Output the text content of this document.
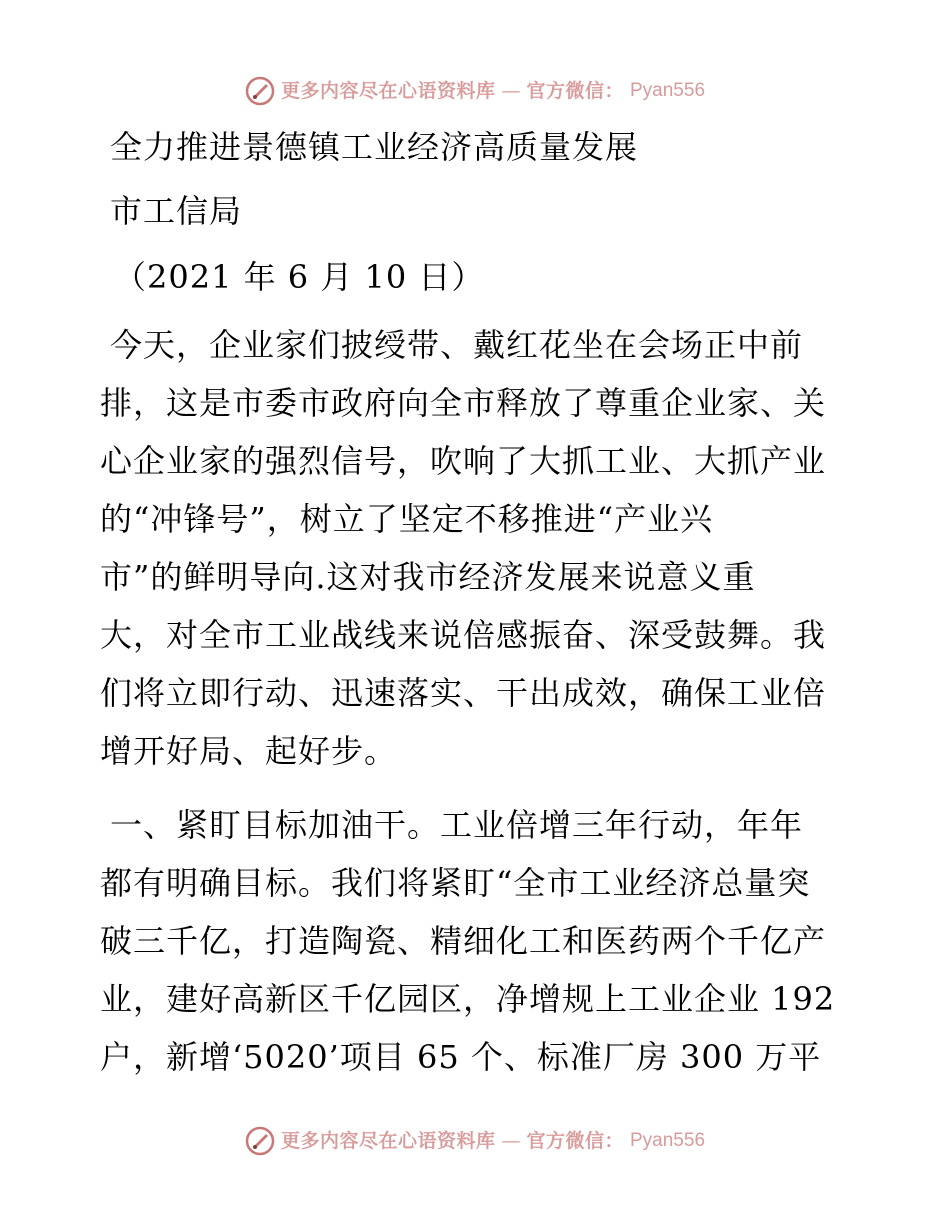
更多内容尽在心语资料库 — 官方微信： Pyan556
全力推进景德镇工业经济高质量发展
市工信局
（2021 年 6 月 10 日）
今天，企业家们披绶带、戴红花坐在会场正中前
排，这是市委市政府向全市释放了尊重企业家、关
心企业家的强烈信号，吹响了大抓工业、大抓产业
的“冲锋号”，树立了坚定不移推进“产业兴
市”的鲜明导向.这对我市经济发展来说意义重
大，对全市工业战线来说倍感振奋、深受鼓舞。我
们将立即行动、迅速落实、干出成效，确保工业倍
增开好局、起好步。
一、紧盯目标加油干。工业倍增三年行动，年年
都有明确目标。我们将紧盯“全市工业经济总量突
破三千亿，打造陶瓷、精细化工和医药两个千亿产
业，建好高新区千亿园区，净增规上工业企业 192
户，新增‘5020’项目 65 个、标准厂房 300 万平
更多内容尽在心语资料库 — 官方微信： Pyan556
